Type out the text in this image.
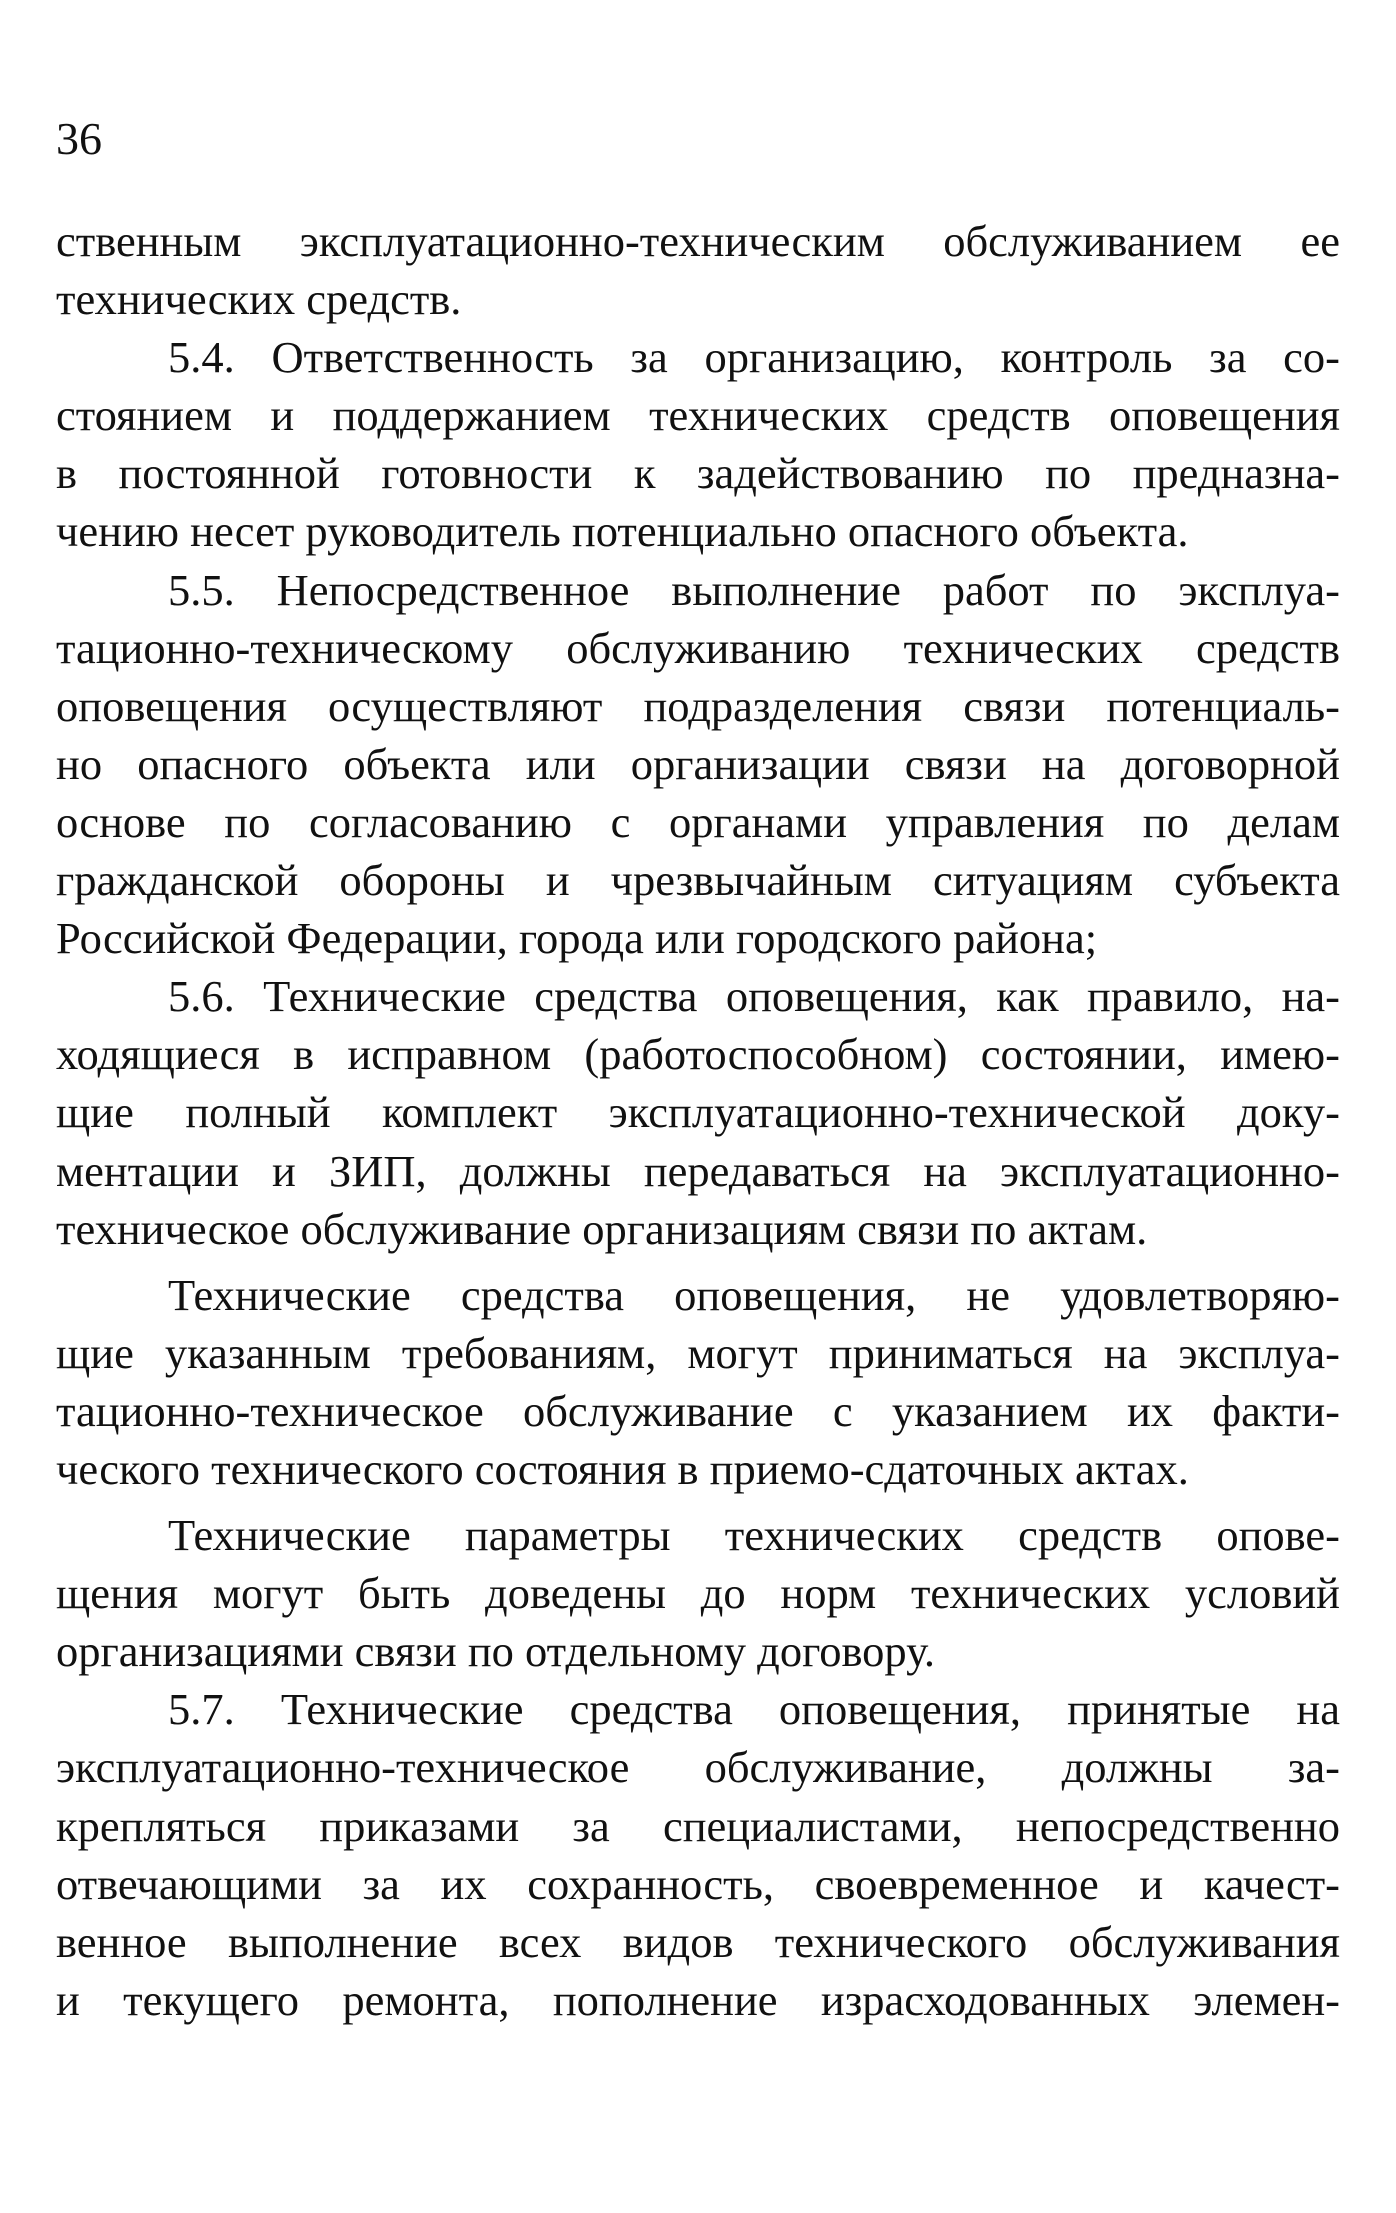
36
ственным эксплуатационно-техническим обслуживанием ее
технических средств.
5.4. Ответственность за организацию, контроль за со-
стоянием и поддержанием технических средств оповещения
в постоянной готовности к задействованию по предназна-
чению несет руководитель потенциально опасного объекта.
5.5. Непосредственное выполнение работ по эксплуа-
тационно-техническому обслуживанию технических средств
оповещения осуществляют подразделения связи потенциаль-
но опасного объекта или организации связи на договорной
основе по согласованию с органами управления по делам
гражданской обороны и чрезвычайным ситуациям субъекта
Российской Федерации, города или городского района;
5.6. Технические средства оповещения, как правило, на-
ходящиеся в исправном (работоспособном) состоянии, имею-
щие полный комплект эксплуатационно-технической доку-
ментации и ЗИП, должны передаваться на эксплуатационно-
техническое обслуживание организациям связи по актам.
Технические средства оповещения, не удовлетворяю-
щие указанным требованиям, могут приниматься на эксплуа-
тационно-техническое обслуживание с указанием их факти-
ческого технического состояния в приемо-сдаточных актах.
Технические параметры технических средств опове-
щения могут быть доведены до норм технических условий
организациями связи по отдельному договору.
5.7. Технические средства оповещения, принятые на
эксплуатационно-техническое обслуживание, должны за-
крепляться приказами за специалистами, непосредственно
отвечающими за их сохранность, своевременное и качест-
венное выполнение всех видов технического обслуживания
и текущего ремонта, пополнение израсходованных элемен-
